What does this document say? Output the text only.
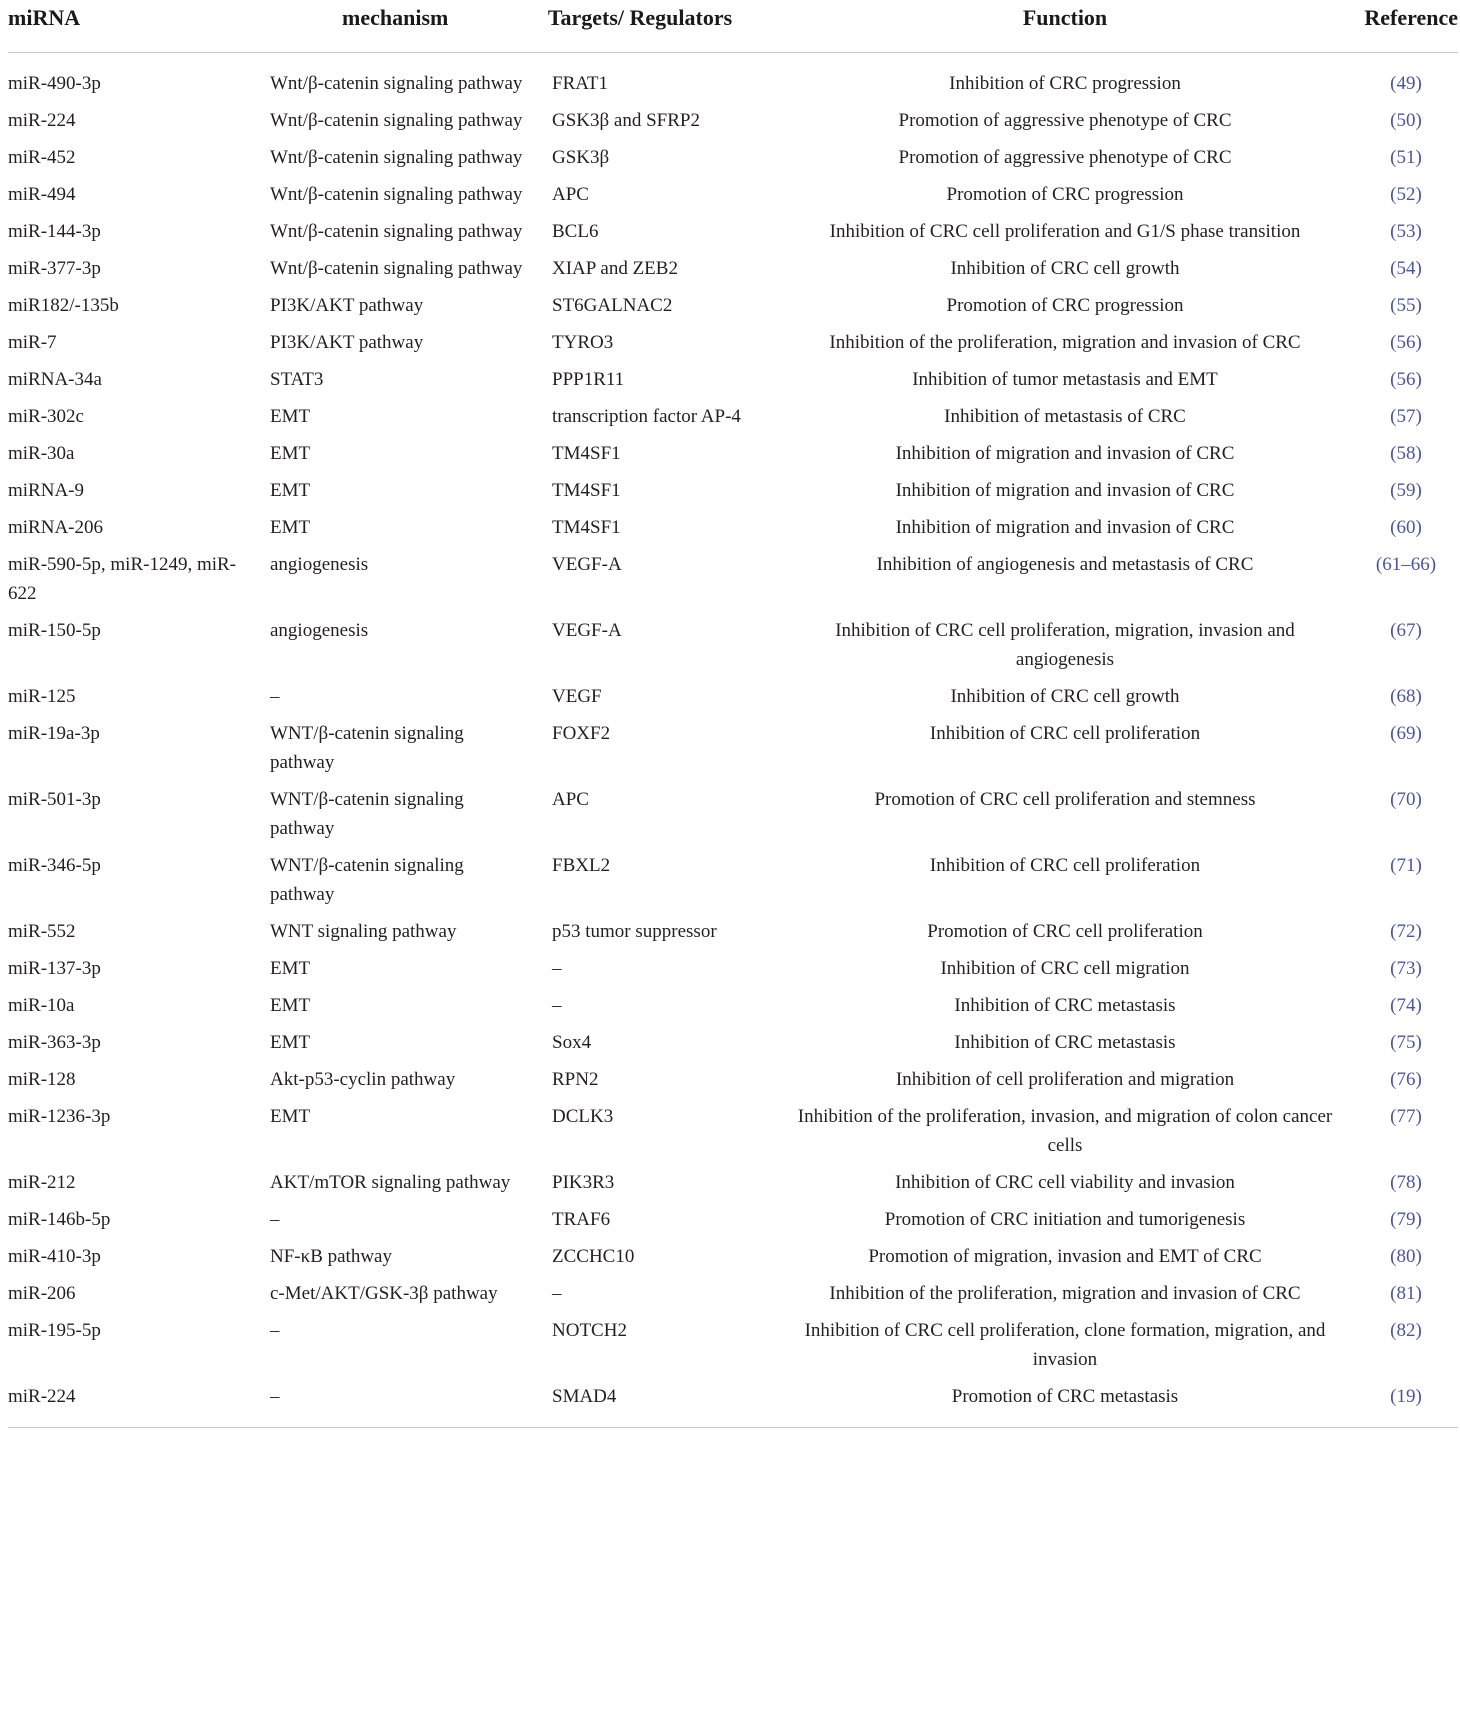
miRNA	mechanism	Targets/ Regulators	Function	Reference
miR-490-3p	Wnt/β-catenin signaling pathway	FRAT1	Inhibition of CRC progression	(49)
miR-224	Wnt/β-catenin signaling pathway	GSK3β and SFRP2	Promotion of aggressive phenotype of CRC	(50)
miR-452	Wnt/β-catenin signaling pathway	GSK3β	Promotion of aggressive phenotype of CRC	(51)
miR-494	Wnt/β-catenin signaling pathway	APC	Promotion of CRC progression	(52)
miR-144-3p	Wnt/β-catenin signaling pathway	BCL6	Inhibition of CRC cell proliferation and G1/S phase transition	(53)
miR-377-3p	Wnt/β-catenin signaling pathway	XIAP and ZEB2	Inhibition of CRC cell growth	(54)
miR182/-135b	PI3K/AKT pathway	ST6GALNAC2	Promotion of CRC progression	(55)
miR-7	PI3K/AKT pathway	TYRO3	Inhibition of the proliferation, migration and invasion of CRC	(56)
miRNA-34a	STAT3	PPP1R11	Inhibition of tumor metastasis and EMT	(56)
miR-302c	EMT	transcription factor AP-4	Inhibition of metastasis of CRC	(57)
miR-30a	EMT	TM4SF1	Inhibition of migration and invasion of CRC	(58)
miRNA-9	EMT	TM4SF1	Inhibition of migration and invasion of CRC	(59)
miRNA-206	EMT	TM4SF1	Inhibition of migration and invasion of CRC	(60)
miR-590-5p, miR-1249, miR-622	angiogenesis	VEGF-A	Inhibition of angiogenesis and metastasis of CRC	(61–66)
miR-150-5p	angiogenesis	VEGF-A	Inhibition of CRC cell proliferation, migration, invasion and angiogenesis	(67)
miR-125	–	VEGF	Inhibition of CRC cell growth	(68)
miR-19a-3p	WNT/β-catenin signaling pathway	FOXF2	Inhibition of CRC cell proliferation	(69)
miR-501-3p	WNT/β-catenin signaling pathway	APC	Promotion of CRC cell proliferation and stemness	(70)
miR-346-5p	WNT/β-catenin signaling pathway	FBXL2	Inhibition of CRC cell proliferation	(71)
miR-552	WNT signaling pathway	p53 tumor suppressor	Promotion of CRC cell proliferation	(72)
miR-137-3p	EMT	–	Inhibition of CRC cell migration	(73)
miR-10a	EMT	–	Inhibition of CRC metastasis	(74)
miR-363-3p	EMT	Sox4	Inhibition of CRC metastasis	(75)
miR-128	Akt-p53-cyclin pathway	RPN2	Inhibition of cell proliferation and migration	(76)
miR-1236-3p	EMT	DCLK3	Inhibition of the proliferation, invasion, and migration of colon cancer cells	(77)
miR-212	AKT/mTOR signaling pathway	PIK3R3	Inhibition of CRC cell viability and invasion	(78)
miR-146b-5p	–	TRAF6	Promotion of CRC initiation and tumorigenesis	(79)
miR-410-3p	NF-κB pathway	ZCCHC10	Promotion of migration, invasion and EMT of CRC	(80)
miR-206	c-Met/AKT/GSK-3β pathway	–	Inhibition of the proliferation, migration and invasion of CRC	(81)
miR-195-5p	–	NOTCH2	Inhibition of CRC cell proliferation, clone formation, migration, and invasion	(82)
miR-224	–	SMAD4	Promotion of CRC metastasis	(19)
